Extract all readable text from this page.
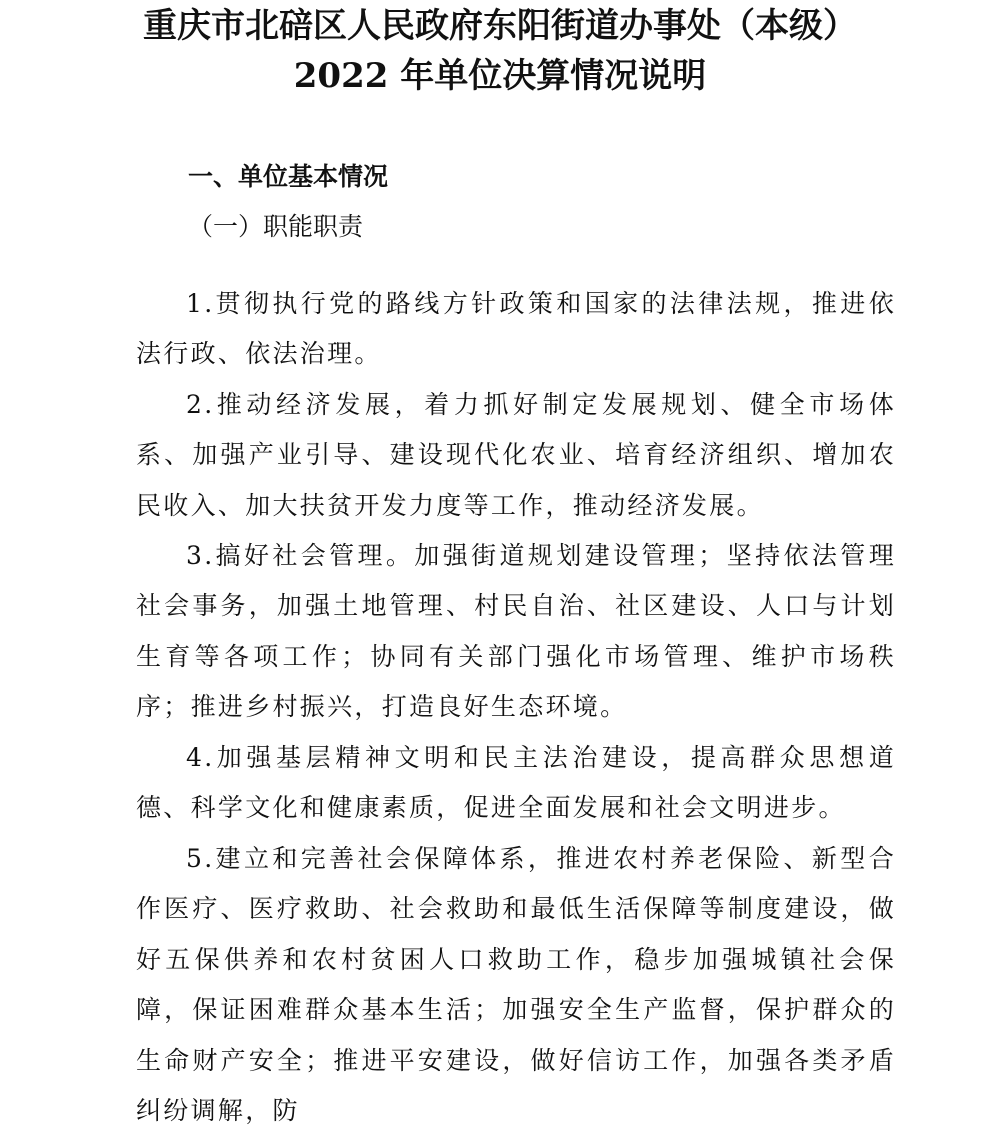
重庆市北碚区人民政府东阳街道办事处（本级）
2022 年单位决算情况说明
一、单位基本情况
（一）职能职责

1.贯彻执行党的路线方针政策和国家的法律法规，推进依法行政、依法治理。

2.推动经济发展，着力抓好制定发展规划、健全市场体系、加强产业引导、建设现代化农业、培育经济组织、增加农民收入、加大扶贫开发力度等工作，推动经济发展。

3.搞好社会管理。加强街道规划建设管理；坚持依法管理社会事务，加强土地管理、村民自治、社区建设、人口与计划生育等各项工作；协同有关部门强化市场管理、维护市场秩序；推进乡村振兴，打造良好生态环境。

4.加强基层精神文明和民主法治建设，提高群众思想道德、科学文化和健康素质，促进全面发展和社会文明进步。

5.建立和完善社会保障体系，推进农村养老保险、新型合作医疗、医疗救助、社会救助和最低生活保障等制度建设，做好五保供养和农村贫困人口救助工作，稳步加强城镇社会保障，保证困难群众基本生活；加强安全生产监督，保护群众的生命财产安全；推进平安建设，做好信访工作，加强各类矛盾纠纷调解，防
